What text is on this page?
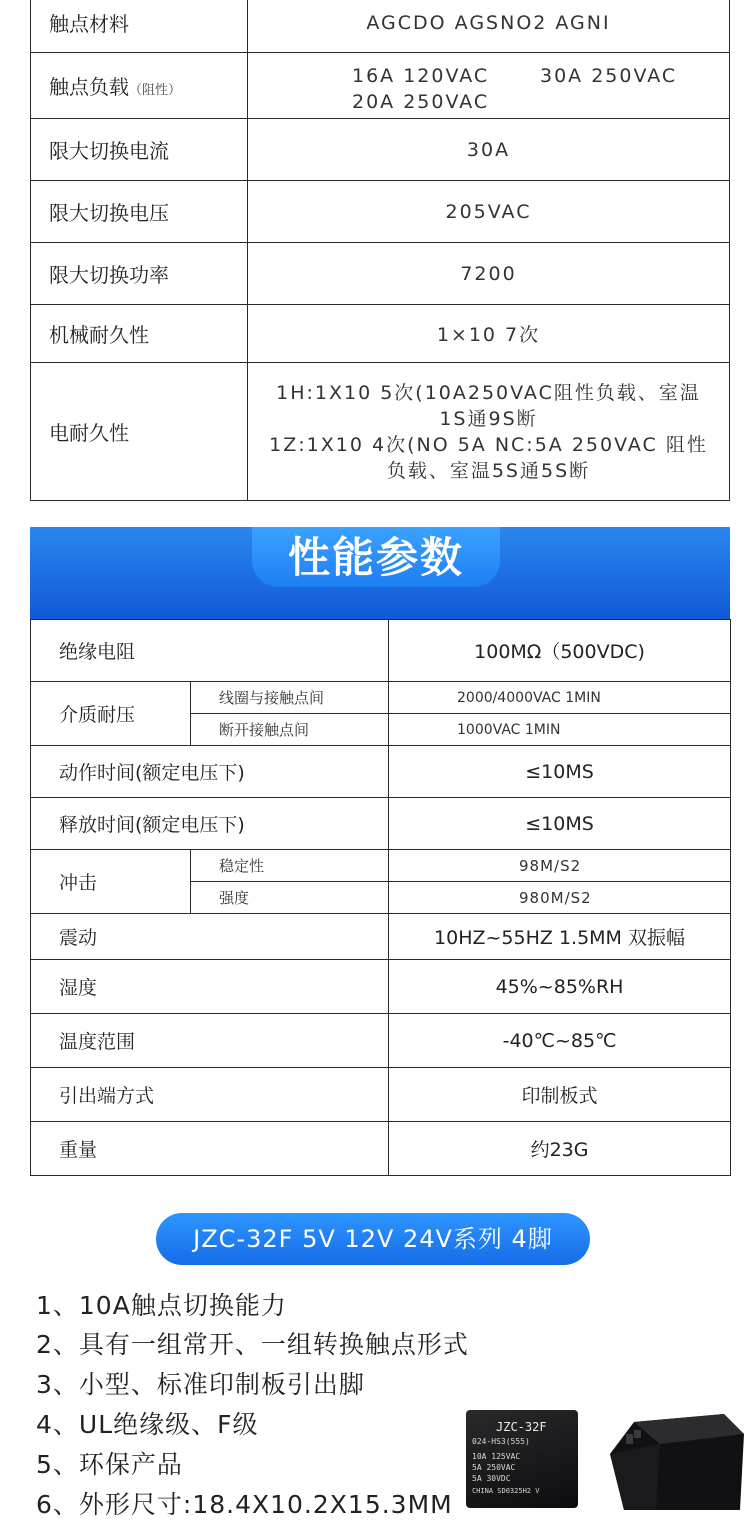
触点材料	AGCDO AGSNO2 AGNI
触点负载（阻性）	16A 120VAC 30A 250VAC
20A 250VAC

限大切换电流	30A
限大切换电压	205VAC
限大切换功率	7200
机械耐久性	1×10 7次
电耐久性	1H:1X10 5次(10A250VAC阻性负载、室温
1S通9S断
1Z:1X10 4次(NO 5A NC:5A 250VAC 阻性
负载、室温5S通5S断
性能参数
绝缘电阻		100MΩ（500VDC)
介质耐压	线圈与接触点间	2000/4000VAC 1MIN
	断开接触点间	1000VAC 1MIN
动作时间(额定电压下)		≤10MS
释放时间(额定电压下)		≤10MS
冲击	稳定性	98M/S2
	强度	980M/S2
震动		10HZ~55HZ 1.5MM 双振幅
湿度		45%~85%RH
温度范围		-40℃~85℃
引出端方式		印制板式
重量		约23G
JZC-32F 5V 12V 24V系列 4脚
1、10A触点切换能力
2、具有一组常开、一组转换触点形式
3、小型、标准印制板引出脚
4、UL绝缘级、F级
5、环保产品
6、外形尺寸:18.4X10.2X15.3MM
JZC-32F
024-HS3(555)
10A 125VAC
5A 250VAC
5A 30VDC
CHINA SD0325H2 V
